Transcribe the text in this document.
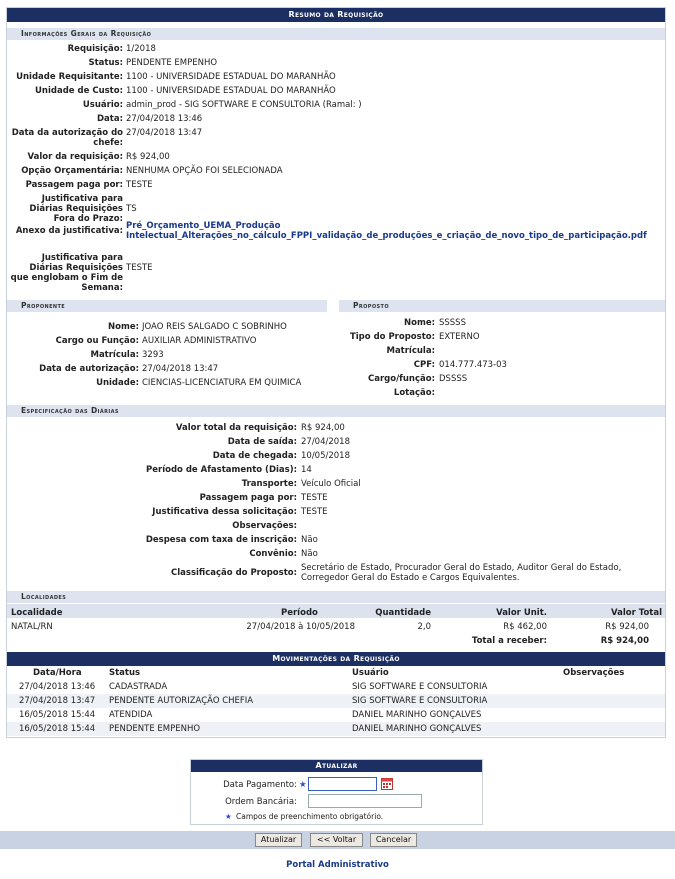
Resumo da Requisição
Informações Gerais da Requisição
Requisição: 1/2018
Status: PENDENTE EMPENHO
Unidade Requisitante: 1100 - UNIVERSIDADE ESTADUAL DO MARANHÃO
Unidade de Custo: 1100 - UNIVERSIDADE ESTADUAL DO MARANHÃO
Usuário: admin_prod - SIG SOFTWARE E CONSULTORIA (Ramal: )
Data: 27/04/2018 13:46
Data da autorização do chefe:
27/04/2018 13:47
Valor da requisição: R$ 924,00
Opção Orçamentária: NENHUMA OPÇÃO FOI SELECIONADA
Passagem paga por: TESTE
Justificativa para Diárias Requisições Fora do Prazo:
TS
Anexo da justificativa: Pré_Orçamento_UEMA_Produção
Intelectual_Alterações_no_cálculo_FPPI_validação_de_produções_e_criação_de_novo_tipo_de_participação.pdf
Justificativa para Diárias Requisições que englobam o Fim de Semana:
TESTE
Proponente	Proposto
Nome: JOAO REIS SALGADO C SOBRINHO
Cargo ou Função: AUXILIAR ADMINISTRATIVO
Matrícula: 3293
Data de autorização: 27/04/2018 13:47
Unidade: CIENCIAS-LICENCIATURA EM QUIMICA
Nome: SSSSS
Tipo do Proposto: EXTERNO
Matrícula:
CPF: 014.777.473-03
Cargo/função: DSSSS
Lotação:
Especificação das Diárias
Valor total da requisição: R$ 924,00
Data de saída: 27/04/2018
Data de chegada: 10/05/2018
Período de Afastamento (Dias): 14
Transporte: Veículo Oficial
Passagem paga por: TESTE
Justificativa dessa solicitação: TESTE
Observações:
Despesa com taxa de inscrição: Não
Convênio: Não
Classificação do Proposto: Secretário de Estado, Procurador Geral do Estado, Auditor Geral do Estado,
Corregedor Geral do Estado e Cargos Equivalentes.
Localidades
Localidade	Período	Quantidade	Valor Unit.	Valor Total
NATAL/RN	27/04/2018 à 10/05/2018	2,0	R$ 462,00	R$ 924,00
Total a receber:	R$ 924,00
Movimentações da Requisição
Data/Hora	Status	Usuário	Observações
27/04/2018 13:46 CADASTRADA	SIG SOFTWARE E CONSULTORIA
27/04/2018 13:47 PENDENTE AUTORIZAÇÃO CHEFIA	SIG SOFTWARE E CONSULTORIA
16/05/2018 15:44 ATENDIDA	DANIEL MARINHO GONÇALVES
16/05/2018 15:44 PENDENTE EMPENHO	DANIEL MARINHO GONÇALVES
Atualizar
Data Pagamento: ★
Ordem Bancária:
★ Campos de preenchimento obrigatório.
Atualizar	<< Voltar	Cancelar
Portal Administrativo
